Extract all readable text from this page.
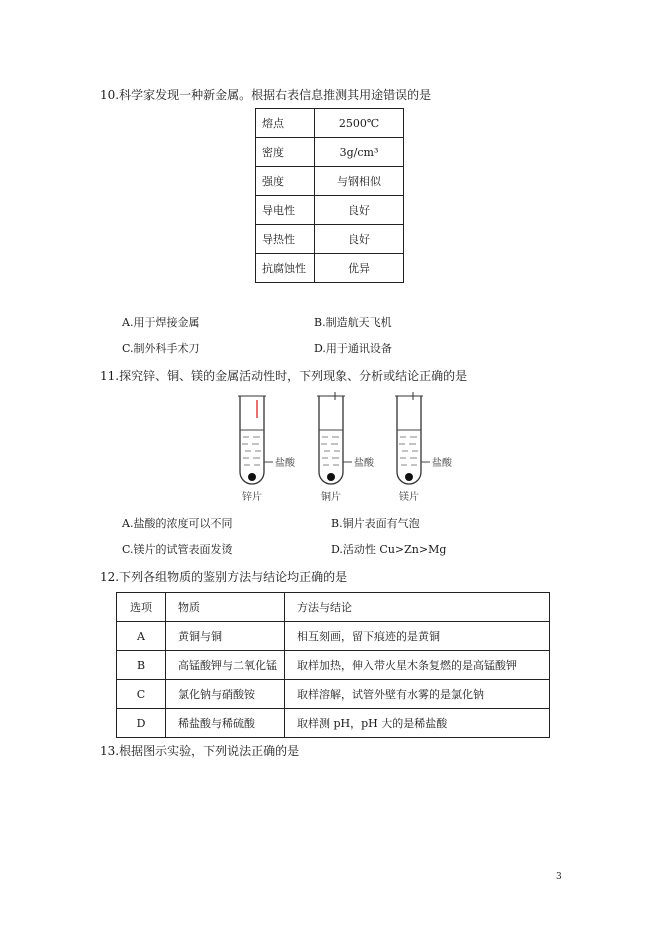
10.科学家发现一种新金属。根据右表信息推测其用途错误的是
熔点	2500℃
密度	3g/cm³
强度	与钢相似
导电性	良好
导热性	良好
抗腐蚀性	优异
A.用于焊接金属	B.制造航天飞机
C.制外科手术刀	D.用于通讯设备
11.探究锌、铜、镁的金属活动性时，下列现象、分析或结论正确的是
盐酸
锌片
盐酸
铜片
盐酸
镁片
A.盐酸的浓度可以不同	B.铜片表面有气泡
C.镁片的试管表面发烫	D.活动性 Cu>Zn>Mg
12.下列各组物质的鉴别方法与结论均正确的是
选项	物质	方法与结论
A	黄铜与铜	相互刻画，留下痕迹的是黄铜
B	高锰酸钾与二氧化锰	取样加热，伸入带火星木条复燃的是高锰酸钾
C	氯化钠与硝酸铵	取样溶解，试管外壁有水雾的是氯化钠
D	稀盐酸与稀硫酸	取样测 pH，pH 大的是稀盐酸
13.根据图示实验，下列说法正确的是
3
